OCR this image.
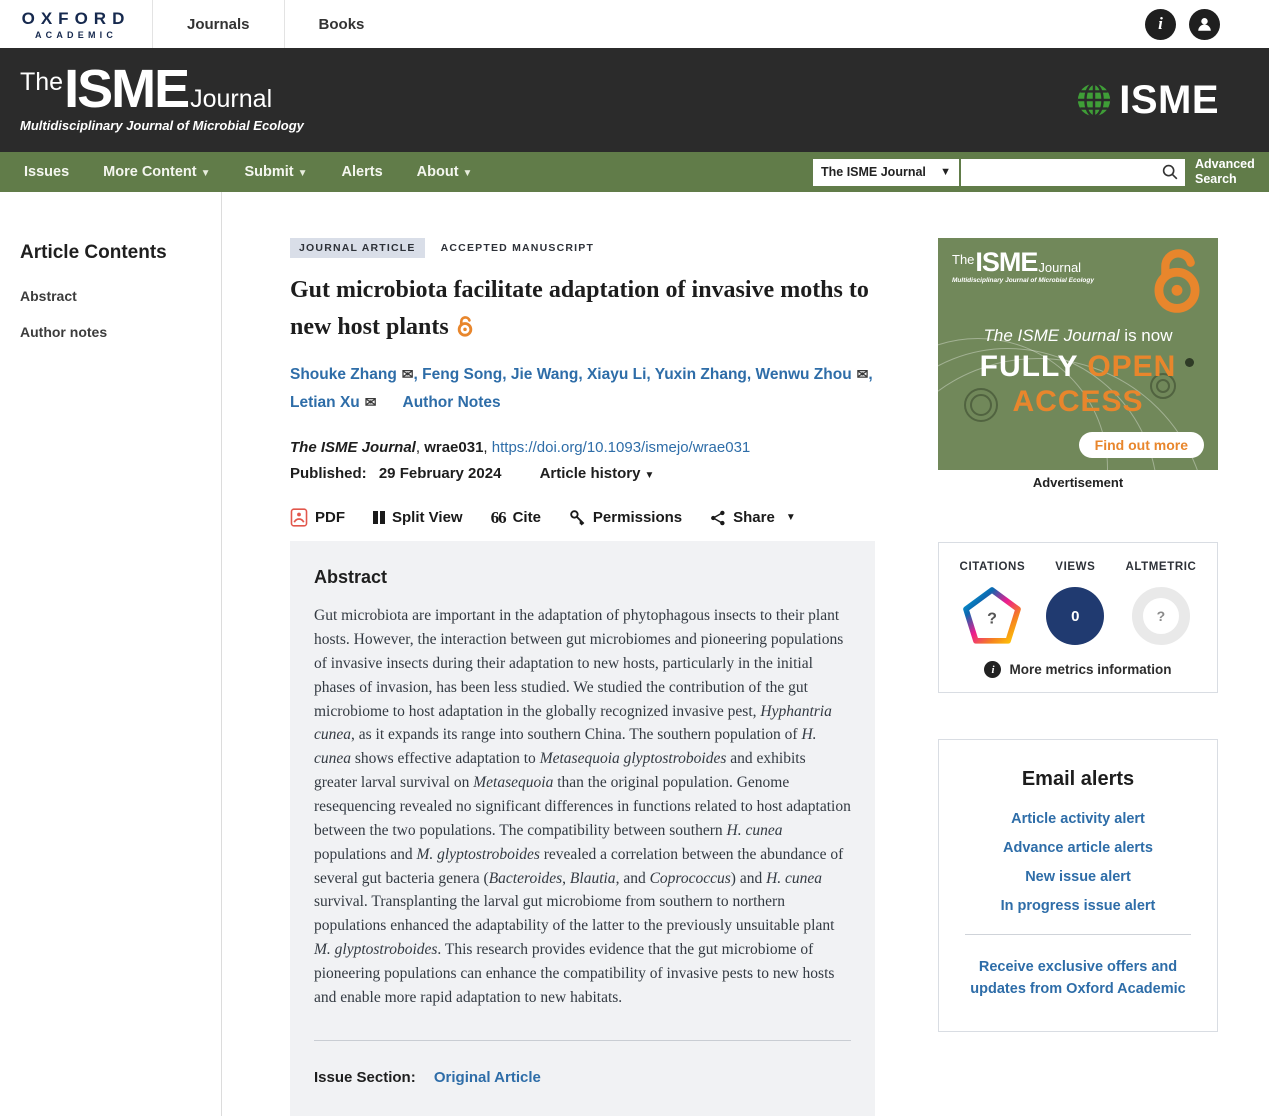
OXFORD
ACADEMIC
Journals	Books	i
The ISME Journal
Multidisciplinary Journal of Microbial Ecology
ISME
Issues More Content ▼ Submit ▼ Alerts About ▼	The ISME Journal ▼
Advanced Search
Article Contents
Abstract
Author notes
JOURNAL ARTICLE	ACCEPTED MANUSCRIPT
Gut microbiota facilitate adaptation of invasive moths to new host plants
Shouke Zhang ✉, Feng Song, Jie Wang, Xiayu Li, Yuxin Zhang, Wenwu Zhou ✉, Letian Xu ✉ Author Notes
The ISME Journal, wrae031, https://doi.org/10.1093/ismejo/wrae031
Published: 29 February 2024	Article history ▼
PDF	Split View 66 Cite	Permissions	Share ▼
Abstract

Gut microbiota are important in the adaptation of phytophagous insects to their plant hosts. However, the interaction between gut microbiomes and pioneering populations of invasive insects during their adaptation to new hosts, particularly in the initial phases of invasion, has been less studied. We studied the contribution of the gut microbiome to host adaptation in the globally recognized invasive pest, Hyphantria cunea, as it expands its range into southern China. The southern population of H. cunea shows effective adaptation to Metasequoia glyptostroboides and exhibits greater larval survival on Metasequoia than the original population. Genome resequencing revealed no significant differences in functions related to host adaptation between the two populations. The compatibility between southern H. cunea populations and M. glyptostroboides revealed a correlation between the abundance of several gut bacteria genera (Bacteroides, Blautia, and Coprococcus) and H. cunea survival. Transplanting the larval gut microbiome from southern to northern populations enhanced the adaptability of the latter to the previously unsuitable plant M. glyptostroboides. This research provides evidence that the gut microbiome of pioneering populations can enhance the compatibility of invasive pests to new hosts and enable more rapid adaptation to new habitats.

Issue Section: Original Article
The ISME Journal
Multidisciplinary Journal of Microbial Ecology
The ISME Journal is now
FULLY OPEN
ACCESS
Find out more
Advertisement
CITATIONS
?
VIEWS
0
ALTMETRIC
?
i	More metrics information
Email alerts
Article activity alert
Advance article alerts
New issue alert
In progress issue alert
Receive exclusive offers and updates from Oxford Academic
